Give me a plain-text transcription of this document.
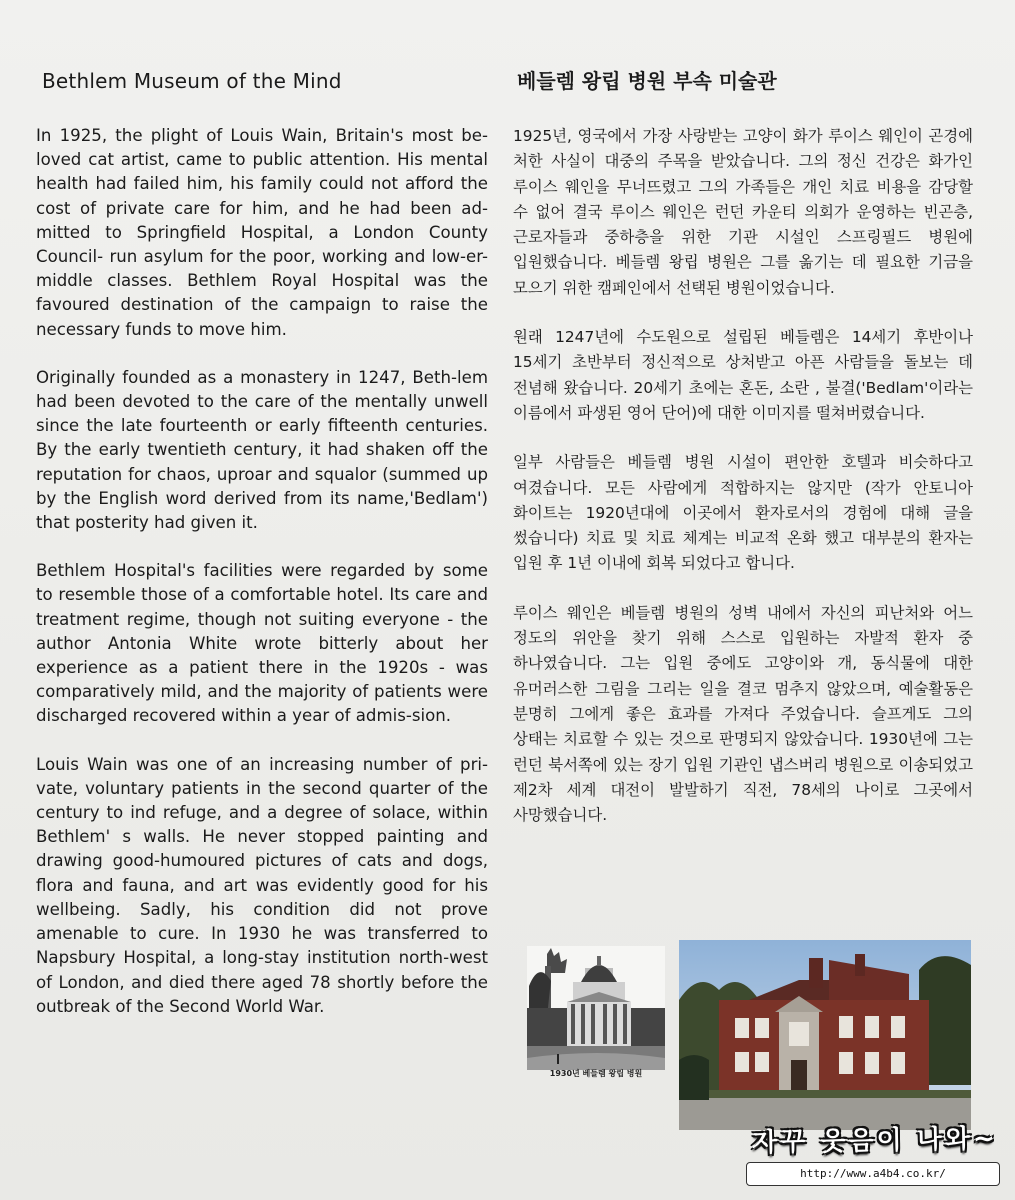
Bethlem Museum of the Mind

In 1925, the plight of Louis Wain, Britain's most be-loved cat artist, came to public attention. His mental health had failed him, his family could not afford the cost of private care for him, and he had been ad-mitted to Springfield Hospital, a London County Council- run asylum for the poor, working and low-er-middle classes. Bethlem Royal Hospital was the favoured destination of the campaign to raise the necessary funds to move him.

Originally founded as a monastery in 1247, Beth-lem had been devoted to the care of the mentally unwell since the late fourteenth or early fifteenth centuries. By the early twentieth century, it had shaken off the reputation for chaos, uproar and squalor (summed up by the English word derived from its name,'Bedlam') that posterity had given it.

Bethlem Hospital's facilities were regarded by some to resemble those of a comfortable hotel. Its care and treatment regime, though not suiting everyone - the author Antonia White wrote bitterly about her experience as a patient there in the 1920s - was comparatively mild, and the majority of patients were discharged recovered within a year of admis-sion.

Louis Wain was one of an increasing number of pri-vate, voluntary patients in the second quarter of the century to ind refuge, and a degree of solace, within Bethlem' s walls. He never stopped painting and drawing good-humoured pictures of cats and dogs, flora and fauna, and art was evidently good for his wellbeing. Sadly, his condition did not prove amenable to cure. In 1930 he was transferred to Napsbury Hospital, a long-stay institution north-west of London, and died there aged 78 shortly before the outbreak of the Second World War.

베들렘 왕립 병원 부속 미술관

1925년, 영국에서 가장 사랑받는 고양이 화가 루이스 웨인이 곤경에 처한 사실이 대중의 주목을 받았습니다. 그의 정신 건강은 화가인 루이스 웨인을 무너뜨렸고 그의 가족들은 개인 치료 비용을 감당할 수 없어 결국 루이스 웨인은 런던 카운티 의회가 운영하는 빈곤층, 근로자들과 중하층을 위한 기관 시설인 스프링필드 병원에 입원했습니다. 베들렘 왕립 병원은 그를 옮기는 데 필요한 기금을 모으기 위한 캠페인에서 선택된 병원이었습니다.

원래 1247년에 수도원으로 설립된 베들렘은 14세기 후반이나 15세기 초반부터 정신적으로 상처받고 아픈 사람들을 돌보는 데 전념해 왔습니다. 20세기 초에는 혼돈, 소란 , 불결('Bedlam'이라는 이름에서 파생된 영어 단어)에 대한 이미지를 떨쳐버렸습니다.

일부 사람들은 베들렘 병원 시설이 편안한 호텔과 비슷하다고 여겼습니다. 모든 사람에게 적합하지는 않지만 (작가 안토니아 화이트는 1920년대에 이곳에서 환자로서의 경험에 대해 글을 썼습니다) 치료 및 치료 체계는 비교적 온화 했고 대부분의 환자는 입원 후 1년 이내에 회복 되었다고 합니다.

루이스 웨인은 베들렘 병원의 성벽 내에서 자신의 피난처와 어느 정도의 위안을 찾기 위해 스스로 입원하는 자발적 환자 중 하나였습니다. 그는 입원 중에도 고양이와 개, 동식물에 대한 유머러스한 그림을 그리는 일을 결코 멈추지 않았으며, 예술활동은 분명히 그에게 좋은 효과를 가져다 주었습니다. 슬프게도 그의 상태는 치료할 수 있는 것으로 판명되지 않았습니다. 1930년에 그는 런던 북서쪽에 있는 장기 입원 기관인 냅스버리 병원으로 이송되었고 제2차 세계 대전이 발발하기 직전, 78세의 나이로 그곳에서 사망했습니다.

1930년 베들렘 왕립 병원
자꾸 웃음이 나와~
http://www.a4b4.co.kr/
